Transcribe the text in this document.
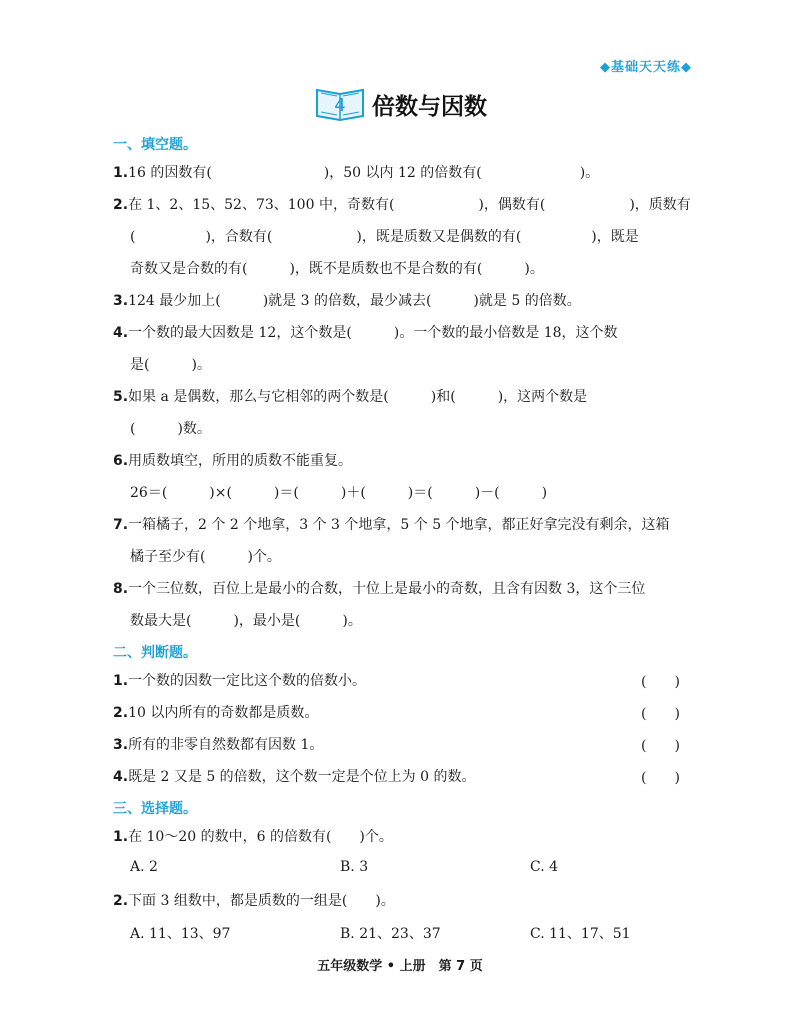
◆基础天天练◆
4 倍数与因数
一、填空题。
1.16 的因数有(　　　　　　　　)，50 以内 12 的倍数有(　　　　　　　)。
2.在 1、2、15、52、73、100 中，奇数有(　　　　　　)，偶数有(　　　　　　)，质数有
(　　　　　)，合数有(　　　　　　)，既是质数又是偶数的有(　　　　　)，既是
奇数又是合数的有(　　　)，既不是质数也不是合数的有(　　　)。
3.124 最少加上(　　　)就是 3 的倍数，最少减去(　　　)就是 5 的倍数。
4.一个数的最大因数是 12，这个数是(　　　)。一个数的最小倍数是 18，这个数
是(　　　)。
5.如果 a 是偶数，那么与它相邻的两个数是(　　　)和(　　　)，这两个数是
(　　　)数。
6.用质数填空，所用的质数不能重复。
26＝(　　　)×(　　　)＝(　　　)＋(　　　)＝(　　　)－(　　　)
7.一箱橘子，2 个 2 个地拿，3 个 3 个地拿，5 个 5 个地拿，都正好拿完没有剩余，这箱
橘子至少有(　　　)个。
8.一个三位数，百位上是最小的合数，十位上是最小的奇数，且含有因数 3，这个三位
数最大是(　　　)，最小是(　　　)。
二、判断题。
1.一个数的因数一定比这个数的倍数小。	(　　)
2.10 以内所有的奇数都是质数。	(　　)
3.所有的非零自然数都有因数 1。	(　　)
4.既是 2 又是 5 的倍数，这个数一定是个位上为 0 的数。	(　　)
三、选择题。
1.在 10～20 的数中，6 的倍数有(　　)个。
A. 2	B. 3	C. 4
2.下面 3 组数中，都是质数的一组是(　　)。
A. 11、13、97	B. 21、23、37	C. 11、17、51
五年级数学 • 上册　第 7 页
